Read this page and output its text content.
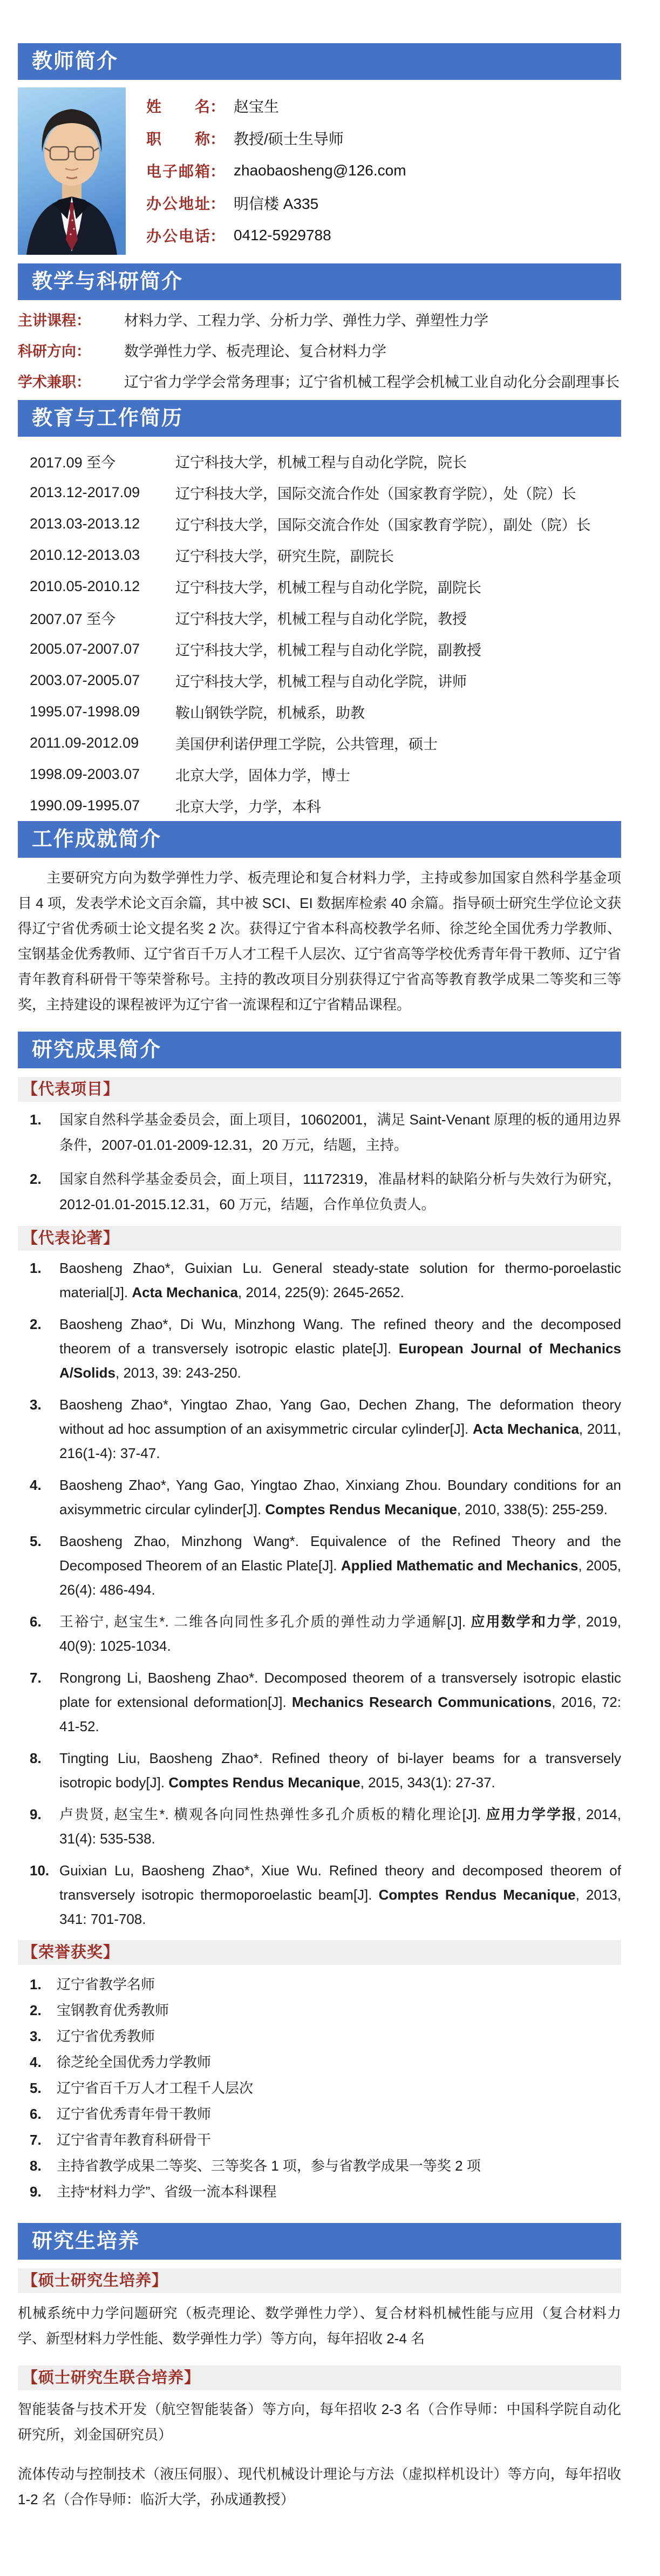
教师简介
姓名 ： 赵宝生
职称 ： 教授/硕士生导师
电子邮箱 ： zhaobaosheng@126.com
办公地址 ： 明信楼 A335
办公电话 ： 0412-5929788
教学与科研简介
主讲课程：	材料力学、工程力学、分析力学、弹性力学、弹塑性力学
科研方向：	数学弹性力学、板壳理论、复合材料力学
学术兼职：	辽宁省力学学会常务理事；辽宁省机械工程学会机械工业自动化分会副理事长
教育与工作简历
2017.09 至今	辽宁科技大学，机械工程与自动化学院，院长
2013.12-2017.09	辽宁科技大学，国际交流合作处（国家教育学院），处（院）长
2013.03-2013.12	辽宁科技大学，国际交流合作处（国家教育学院），副处（院）长
2010.12-2013.03	辽宁科技大学，研究生院，副院长
2010.05-2010.12	辽宁科技大学，机械工程与自动化学院，副院长
2007.07 至今	辽宁科技大学，机械工程与自动化学院，教授
2005.07-2007.07	辽宁科技大学，机械工程与自动化学院，副教授
2003.07-2005.07	辽宁科技大学，机械工程与自动化学院，讲师
1995.07-1998.09	鞍山钢铁学院，机械系，助教
2011.09-2012.09	美国伊利诺伊理工学院，公共管理，硕士
1998.09-2003.07	北京大学，固体力学，博士
1990.09-1995.07	北京大学，力学，本科
工作成就简介

主要研究方向为数学弹性力学、板壳理论和复合材料力学，主持或参加国家自然科学基金项目 4 项，发表学术论文百余篇，其中被 SCI、EI 数据库检索 40 余篇。指导硕士研究生学位论文获得辽宁省优秀硕士论文提名奖 2 次。获得辽宁省本科高校教学名师、徐芝纶全国优秀力学教师、宝钢基金优秀教师、辽宁省百千万人才工程千人层次、辽宁省高等学校优秀青年骨干教师、辽宁省青年教育科研骨干等荣誉称号。主持的教改项目分别获得辽宁省高等教育教学成果二等奖和三等奖，主持建设的课程被评为辽宁省一流课程和辽宁省精品课程。

研究成果简介
【代表项目】
1. 国家自然科学基金委员会，面上项目，10602001，满足 Saint-Venant 原理的板的通用边界条件，2007-01.01-2009-12.31，20 万元，结题，主持。
2. 国家自然科学基金委员会，面上项目，11172319，准晶材料的缺陷分析与失效行为研究，2012-01.01-2015.12.31，60 万元，结题，合作单位负责人。
【代表论著】
1. Baosheng Zhao*, Guixian Lu. General steady-state solution for thermo-poroelastic material[J]. Acta Mechanica, 2014, 225(9): 2645-2652.
2. Baosheng Zhao*, Di Wu, Minzhong Wang. The refined theory and the decomposed theorem of a transversely isotropic elastic plate[J]. European Journal of Mechanics A/Solids, 2013, 39: 243-250.
3. Baosheng Zhao*, Yingtao Zhao, Yang Gao, Dechen Zhang, The deformation theory without ad hoc assumption of an axisymmetric circular cylinder[J]. Acta Mechanica, 2011, 216(1-4): 37-47.
4. Baosheng Zhao*, Yang Gao, Yingtao Zhao, Xinxiang Zhou. Boundary conditions for an axisymmetric circular cylinder[J]. Comptes Rendus Mecanique, 2010, 338(5): 255-259.
5. Baosheng Zhao, Minzhong Wang*. Equivalence of the Refined Theory and the Decomposed Theorem of an Elastic Plate[J]. Applied Mathematic and Mechanics, 2005, 26(4): 486-494.
6. 王裕宁, 赵宝生*. 二维各向同性多孔介质的弹性动力学通解[J]. 应用数学和力学, 2019, 40(9): 1025-1034.
7. Rongrong Li, Baosheng Zhao*. Decomposed theorem of a transversely isotropic elastic plate for extensional deformation[J]. Mechanics Research Communications, 2016, 72: 41-52.
8. Tingting Liu, Baosheng Zhao*. Refined theory of bi-layer beams for a transversely isotropic body[J]. Comptes Rendus Mecanique, 2015, 343(1): 27-37.
9. 卢贵贤, 赵宝生*. 横观各向同性热弹性多孔介质板的精化理论[J]. 应用力学学报, 2014, 31(4): 535-538.
10. Guixian Lu, Baosheng Zhao*, Xiue Wu. Refined theory and decomposed theorem of transversely isotropic thermoporoelastic beam[J]. Comptes Rendus Mecanique, 2013, 341: 701-708.
【荣誉获奖】
1. 辽宁省教学名师
2. 宝钢教育优秀教师
3. 辽宁省优秀教师
4. 徐芝纶全国优秀力学教师
5. 辽宁省百千万人才工程千人层次
6. 辽宁省优秀青年骨干教师
7. 辽宁省青年教育科研骨干
8. 主持省教学成果二等奖、三等奖各 1 项，参与省教学成果一等奖 2 项
9. 主持“材料力学”、省级一流本科课程
研究生培养
【硕士研究生培养】

机械系统中力学问题研究（板壳理论、数学弹性力学）、复合材料机械性能与应用（复合材料力学、新型材料力学性能、数学弹性力学）等方向，每年招收 2-4 名

【硕士研究生联合培养】

智能装备与技术开发（航空智能装备）等方向，每年招收 2-3 名（合作导师：中国科学院自动化研究所，刘金国研究员）

流体传动与控制技术（液压伺服）、现代机械设计理论与方法（虚拟样机设计）等方向，每年招收 1-2 名（合作导师：临沂大学，孙成通教授）
